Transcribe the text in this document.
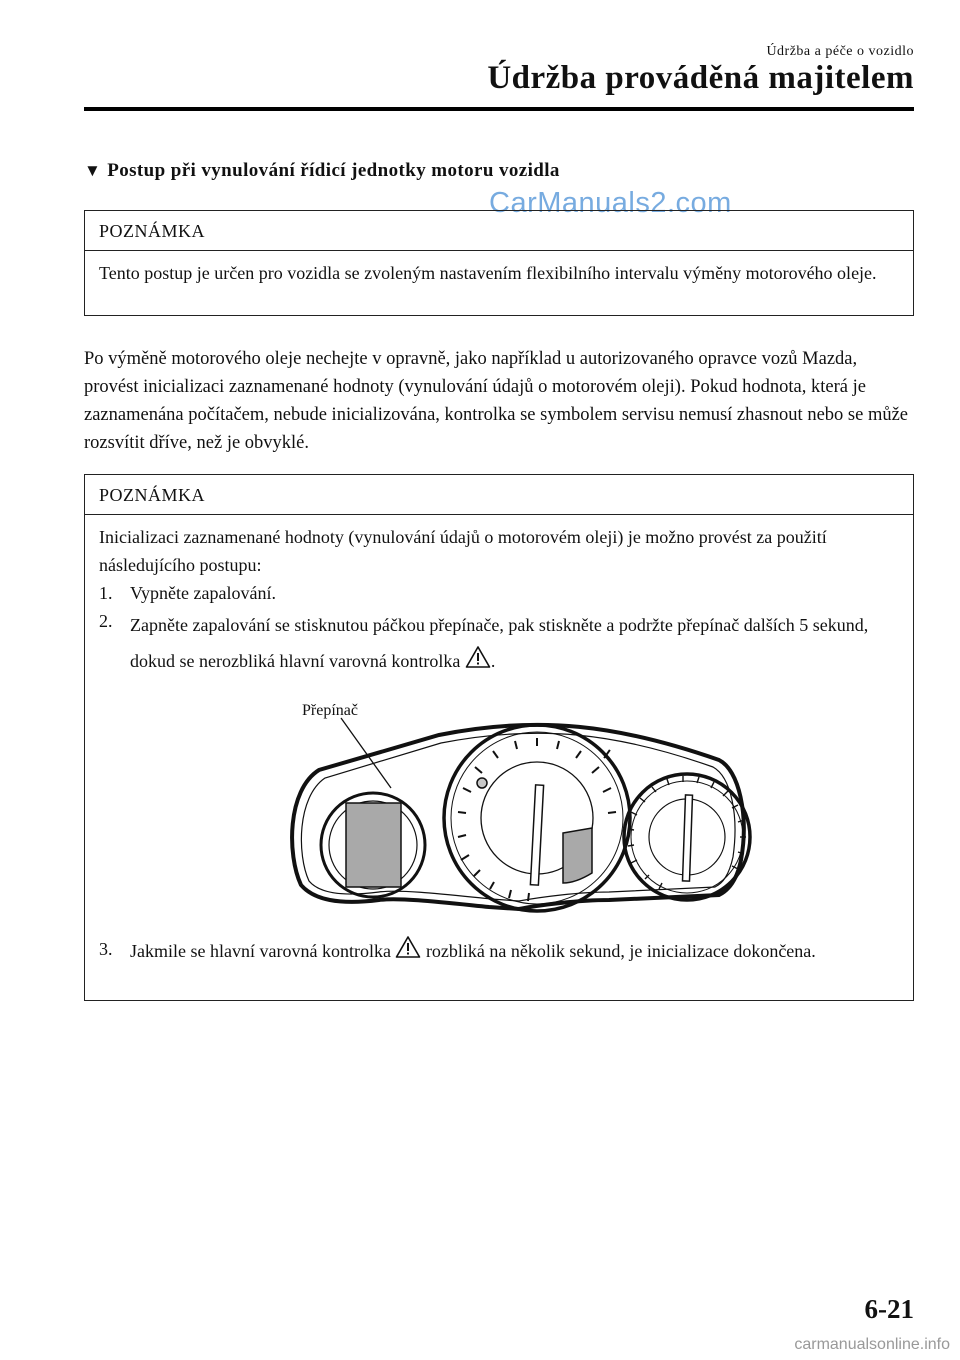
Údržba a péče o vozidlo
Údržba prováděná majitelem
▼ Postup při vynulování řídicí jednotky motoru vozidla
CarManuals2.com
POZNÁMKA
Tento postup je určen pro vozidla se zvoleným nastavením flexibilního intervalu výměny motorového oleje.
Po výměně motorového oleje nechejte v opravně, jako například u autorizovaného opravce vozů Mazda, provést inicializaci zaznamenané hodnoty (vynulování údajů o motorovém oleji). Pokud hodnota, která je zaznamenána počítačem, nebude inicializována, kontrolka se symbolem servisu nemusí zhasnout nebo se může rozsvítit dříve, než je obvyklé.
POZNÁMKA
Inicializaci zaznamenané hodnoty (vynulování údajů o motorovém oleji) je možno provést za použití následujícího postupu:
1. Vypněte zapalování.
2. Zapněte zapalování se stisknutou páčkou přepínače, pak stiskněte a podržte přepínač dalších 5 sekund, dokud se nerozbliká hlavní varovná kontrolka .
Přepínač
3. Jakmile se hlavní varovná kontrolka rozbliká na několik sekund, je inicializace dokončena.
6-21
carmanualsonline.info
